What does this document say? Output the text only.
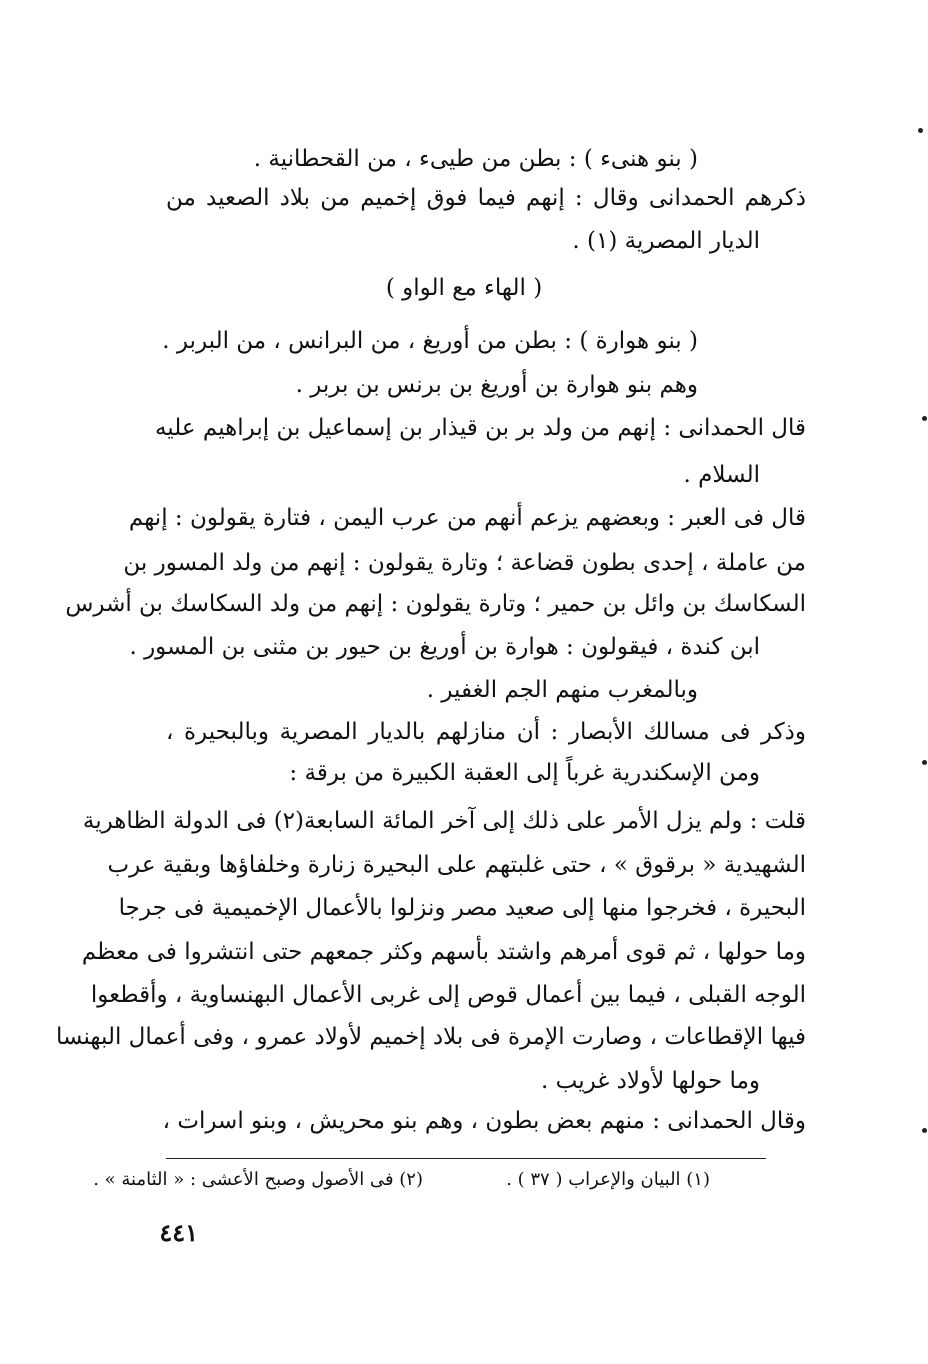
( بنو هنىء ) : بطن من طيىء ، من القحطانية .
ذكرهم الحمدانى وقال : إنهم فيما فوق إخميم من بلاد الصعيد من
الديار المصرية (١) .
( الهاء مع الواو )
( بنو هوارة ) : بطن من أوريغ ، من البرانس ، من البربر .
وهم بنو هوارة بن أوريغ بن برنس بن بربر .
قال الحمدانى : إنهم من ولد بر بن قيذار بن إسماعيل بن إبراهيم عليه
السلام .
قال فى العبر : وبعضهم يزعم أنهم من عرب اليمن ، فتارة يقولون : إنهم
من عاملة ، إحدى بطون قضاعة ؛ وتارة يقولون : إنهم من ولد المسور بن
السكاسك بن وائل بن حمير ؛ وتارة يقولون : إنهم من ولد السكاسك بن أشرس
ابن كندة ، فيقولون : هوارة بن أوريغ بن حيور بن مثنى بن المسور .
وبالمغرب منهم الجم الغفير .
وذكر فى مسالك الأبصار : أن منازلهم بالديار المصرية وبالبحيرة ،
ومن الإسكندرية غرباً إلى العقبة الكبيرة من برقة :
قلت : ولم يزل الأمر على ذلك إلى آخر المائة السابعة(٢) فى الدولة الظاهرية
الشهيدية « برقوق » ، حتى غلبتهم على البحيرة زنارة وخلفاؤها وبقية عرب
البحيرة ، فخرجوا منها إلى صعيد مصر ونزلوا بالأعمال الإخميمية فى جرجا
وما حولها ، ثم قوى أمرهم واشتد بأسهم وكثر جمعهم حتى انتشروا فى معظم
الوجه القبلى ، فيما بين أعمال قوص إلى غربى الأعمال البهنساوية ، وأقطعوا
فيها الإقطاعات ، وصارت الإمرة فى بلاد إخميم لأولاد عمرو ، وفى أعمال البهنسا
وما حولها لأولاد غريب .
وقال الحمدانى : منهم بعض بطون ، وهم بنو محريش ، وبنو اسرات ،
(١) البيان والإعراب ( ٣٧ ) .
(٢) فى الأصول وصبح الأعشى : « الثامنة » .
٤٤١
